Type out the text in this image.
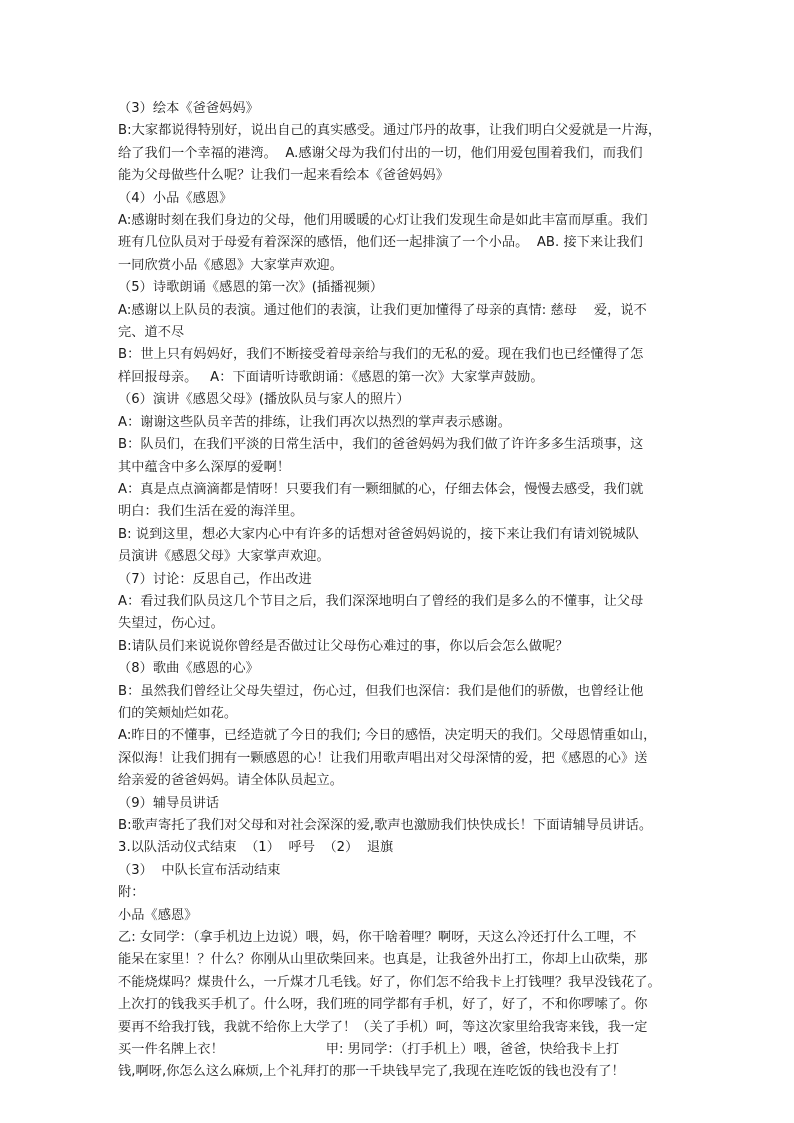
（3）绘本《爸爸妈妈》
B:大家都说得特别好，说出自己的真实感受。通过邝丹的故事，让我们明白父爱就是一片海，
给了我们一个幸福的港湾。  A.感谢父母为我们付出的一切，他们用爱包围着我们，而我们
能为父母做些什么呢？让我们一起来看绘本《爸爸妈妈》
（4）小品《感恩》
A:感谢时刻在我们身边的父母，他们用暖暖的心灯让我们发现生命是如此丰富而厚重。我们
班有几位队员对于母爱有着深深的感悟，他们还一起排演了一个小品。  AB. 接下来让我们
一同欣赏小品《感恩》大家掌声欢迎。
（5）诗歌朗诵《感恩的第一次》(插播视频）
A:感谢以上队员的表演。通过他们的表演，让我们更加懂得了母亲的真情: 慈母    爱，说不
完、道不尽
B：世上只有妈妈好，我们不断接受着母亲给与我们的无私的爱。现在我们也已经懂得了怎
样回报母亲。   A：下面请听诗歌朗诵：《感恩的第一次》大家掌声鼓励。
（6）演讲《感恩父母》(播放队员与家人的照片）
A：谢谢这些队员辛苦的排练，让我们再次以热烈的掌声表示感谢。
B：队员们，在我们平淡的日常生活中，我们的爸爸妈妈为我们做了许许多多生活琐事，这
其中蕴含中多么深厚的爱啊！
A：真是点点滴滴都是情呀！只要我们有一颗细腻的心，仔细去体会，慢慢去感受，我们就
明白：我们生活在爱的海洋里。
B: 说到这里，想必大家内心中有许多的话想对爸爸妈妈说的，接下来让我们有请刘锐城队
员演讲《感恩父母》大家掌声欢迎。
（7）讨论：反思自己，作出改进
A：看过我们队员这几个节目之后，我们深深地明白了曾经的我们是多么的不懂事，让父母
失望过，伤心过。
B:请队员们来说说你曾经是否做过让父母伤心难过的事，你以后会怎么做呢？
（8）歌曲《感恩的心》
B：虽然我们曾经让父母失望过，伤心过，但我们也深信：我们是他们的骄傲，也曾经让他
们的笑颊灿烂如花。
A:昨日的不懂事，已经造就了今日的我们; 今日的感悟，决定明天的我们。父母恩情重如山，
深似海！让我们拥有一颗感恩的心！让我们用歌声唱出对父母深情的爱，把《感恩的心》送
给亲爱的爸爸妈妈。请全体队员起立。
（9）辅导员讲话
B:歌声寄托了我们对父母和对社会深深的爱,歌声也激励我们快快成长！下面请辅导员讲话。
3.以队活动仪式结束  （1）  呼号  （2）  退旗
（3）  中队长宣布活动结束
附：
小品《感恩》
乙: 女同学：（拿手机边上边说）喂，妈，你干啥着哩？啊呀，天这么冷还打什么工哩，不
能呆在家里！？什么？你刚从山里砍柴回来。也真是，让我爸外出打工，你却上山砍柴，那
不能烧煤吗？煤贵什么，一斤煤才几毛钱。好了，你们怎不给我卡上打钱哩？我早没钱花了。
上次打的钱我买手机了。什么呀，我们班的同学都有手机，好了，好了，不和你啰嗦了。你
要再不给我打钱，我就不给你上大学了！（关了手机）呵，等这次家里给我寄来钱，我一定
买一件名牌上衣！                        甲: 男同学：（打手机上）喂，爸爸，快给我卡上打
钱,啊呀,你怎么这么麻烦,上个礼拜打的那一千块钱早完了,我现在连吃饭的钱也没有了！
